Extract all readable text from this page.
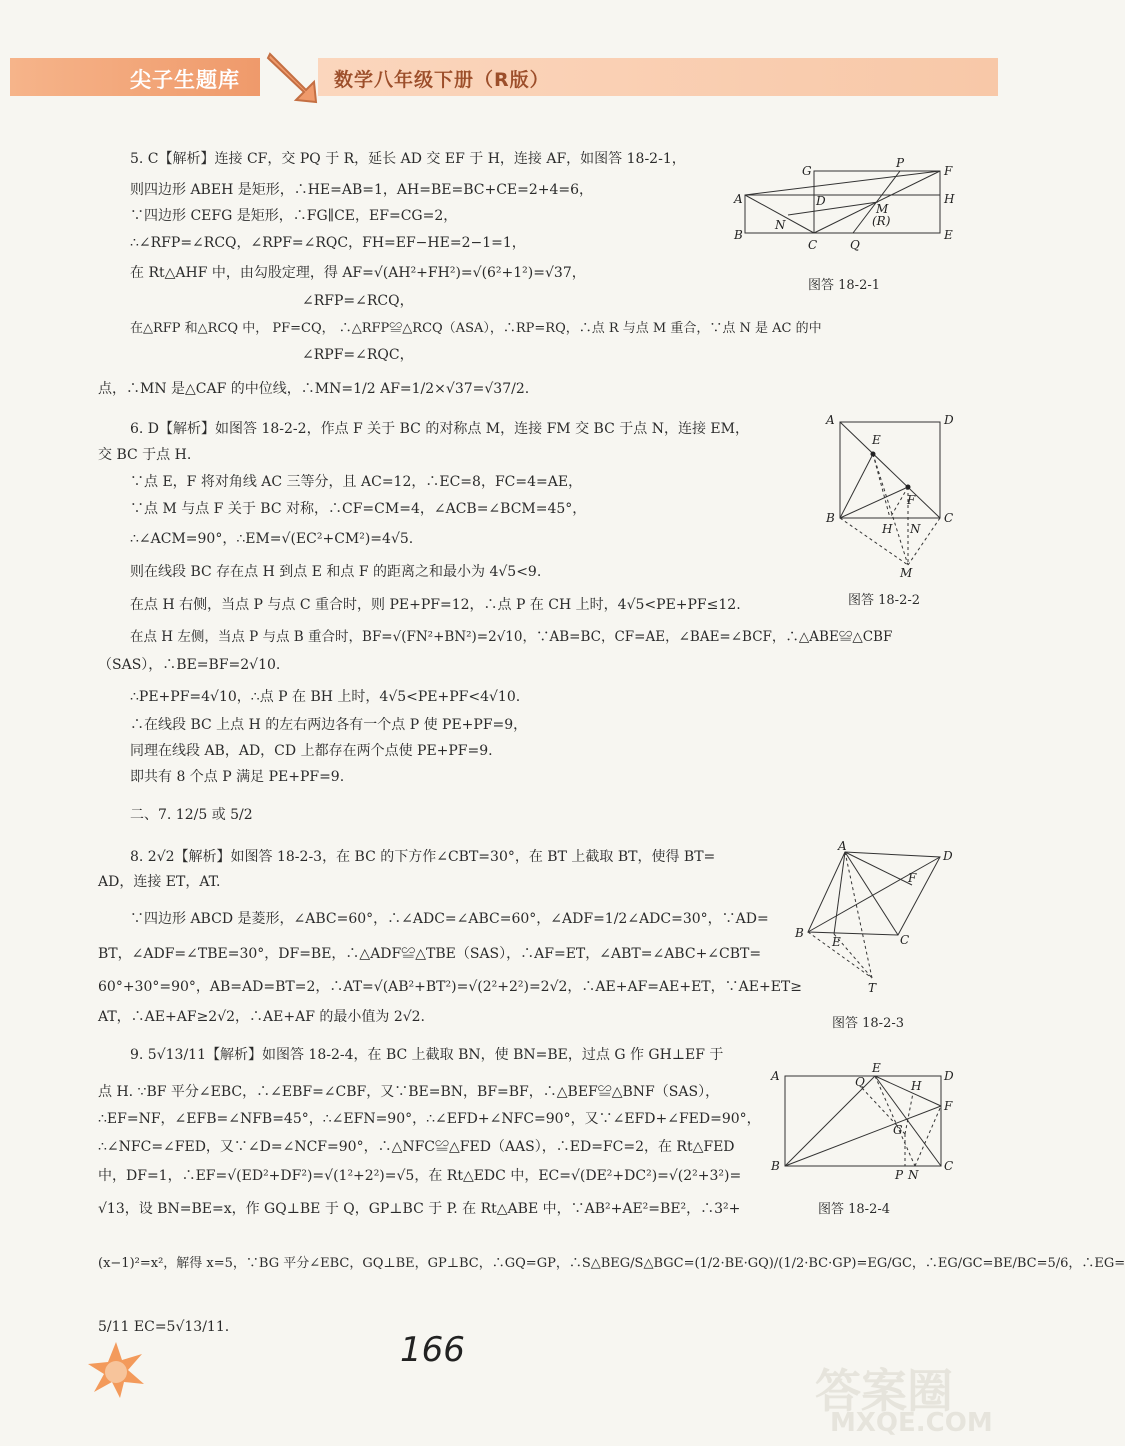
尖子生题库	数学八年级下册（R版）
5. C【解析】连接 CF，交 PQ 于 R，延长 AD 交 EF 于 H，连接 AF，如图答 18-2-1，
则四边形 ABEH 是矩形，∴HE=AB=1，AH=BE=BC+CE=2+4=6，
∵四边形 CEFG 是矩形，∴FG∥CE，EF=CG=2，
∴∠RFP=∠RCQ，∠RPF=∠RQC，FH=EF−HE=2−1=1，
在 Rt△AHF 中，由勾股定理，得 AF=√(AH²+FH²)=√(6²+1²)=√37，
∠RFP=∠RCQ，
在△RFP 和△RCQ 中， PF=CQ， ∴△RFP≌△RCQ（ASA），∴RP=RQ，∴点 R 与点 M 重合，∵点 N 是 AC 的中
∠RPF=∠RQC，
点，∴MN 是△CAF 的中位线，∴MN=1/2 AF=1/2×√37=√37/2.
6. D【解析】如图答 18-2-2，作点 F 关于 BC 的对称点 M，连接 FM 交 BC 于点 N，连接 EM，
交 BC 于点 H.
∵点 E，F 将对角线 AC 三等分，且 AC=12，∴EC=8，FC=4=AE，
∵点 M 与点 F 关于 BC 对称，∴CF=CM=4，∠ACB=∠BCM=45°，
∴∠ACM=90°，∴EM=√(EC²+CM²)=4√5.
则在线段 BC 存在点 H 到点 E 和点 F 的距离之和最小为 4√5<9.
在点 H 右侧，当点 P 与点 C 重合时，则 PE+PF=12，∴点 P 在 CH 上时，4√5<PE+PF≤12.
在点 H 左侧，当点 P 与点 B 重合时，BF=√(FN²+BN²)=2√10，∵AB=BC，CF=AE，∠BAE=∠BCF，∴△ABE≌△CBF
（SAS），∴BE=BF=2√10.
∴PE+PF=4√10，∴点 P 在 BH 上时，4√5<PE+PF<4√10.
∴在线段 BC 上点 H 的左右两边各有一个点 P 使 PE+PF=9，
同理在线段 AB，AD，CD 上都存在两个点使 PE+PF=9.
即共有 8 个点 P 满足 PE+PF=9.
二、7. 12/5 或 5/2
8. 2√2【解析】如图答 18-2-3，在 BC 的下方作∠CBT=30°，在 BT 上截取 BT，使得 BT=
AD，连接 ET，AT.
∵四边形 ABCD 是菱形，∠ABC=60°，∴∠ADC=∠ABC=60°，∠ADF=1/2∠ADC=30°，∵AD=
BT，∠ADF=∠TBE=30°，DF=BE，∴△ADF≌△TBE（SAS），∴AF=ET，∠ABT=∠ABC+∠CBT=
60°+30°=90°，AB=AD=BT=2，∴AT=√(AB²+BT²)=√(2²+2²)=2√2，∴AE+AF=AE+ET，∵AE+ET≥
AT，∴AE+AF≥2√2，∴AE+AF 的最小值为 2√2.
9. 5√13/11【解析】如图答 18-2-4，在 BC 上截取 BN，使 BN=BE，过点 G 作 GH⊥EF 于
点 H. ∵BF 平分∠EBC，∴∠EBF=∠CBF，又∵BE=BN，BF=BF，∴△BEF≌△BNF（SAS），
∴EF=NF，∠EFB=∠NFB=45°，∴∠EFN=90°，∴∠EFD+∠NFC=90°，又∵∠EFD+∠FED=90°，
∴∠NFC=∠FED，又∵∠D=∠NCF=90°，∴△NFC≌△FED（AAS），∴ED=FC=2，在 Rt△FED
中，DF=1，∴EF=√(ED²+DF²)=√(1²+2²)=√5，在 Rt△EDC 中，EC=√(DE²+DC²)=√(2²+3²)=
√13，设 BN=BE=x，作 GQ⊥BE 于 Q，GP⊥BC 于 P. 在 Rt△ABE 中，∵AB²+AE²=BE²，∴3²+
(x−1)²=x²，解得 x=5，∵BG 平分∠EBC，GQ⊥BE，GP⊥BC，∴GQ=GP，∴S△BEG/S△BGC=(1/2·BE·GQ)/(1/2·BC·GP)=EG/GC，∴EG/GC=BE/BC=5/6，∴EG=
5/11 EC=5√13/11.
G
P
F
A	D	H
N
M
(R)
B
C	Q
E
图答 18-2-1
A	D
E
F
B
H N
C
M
图答 18-2-2
A
D
F
B
E	C
T
图答 18-2-3
A	Q
E
H
D
F
G
B
P N
C
图答 18-2-4
166
答案圈
MXQE.COM
